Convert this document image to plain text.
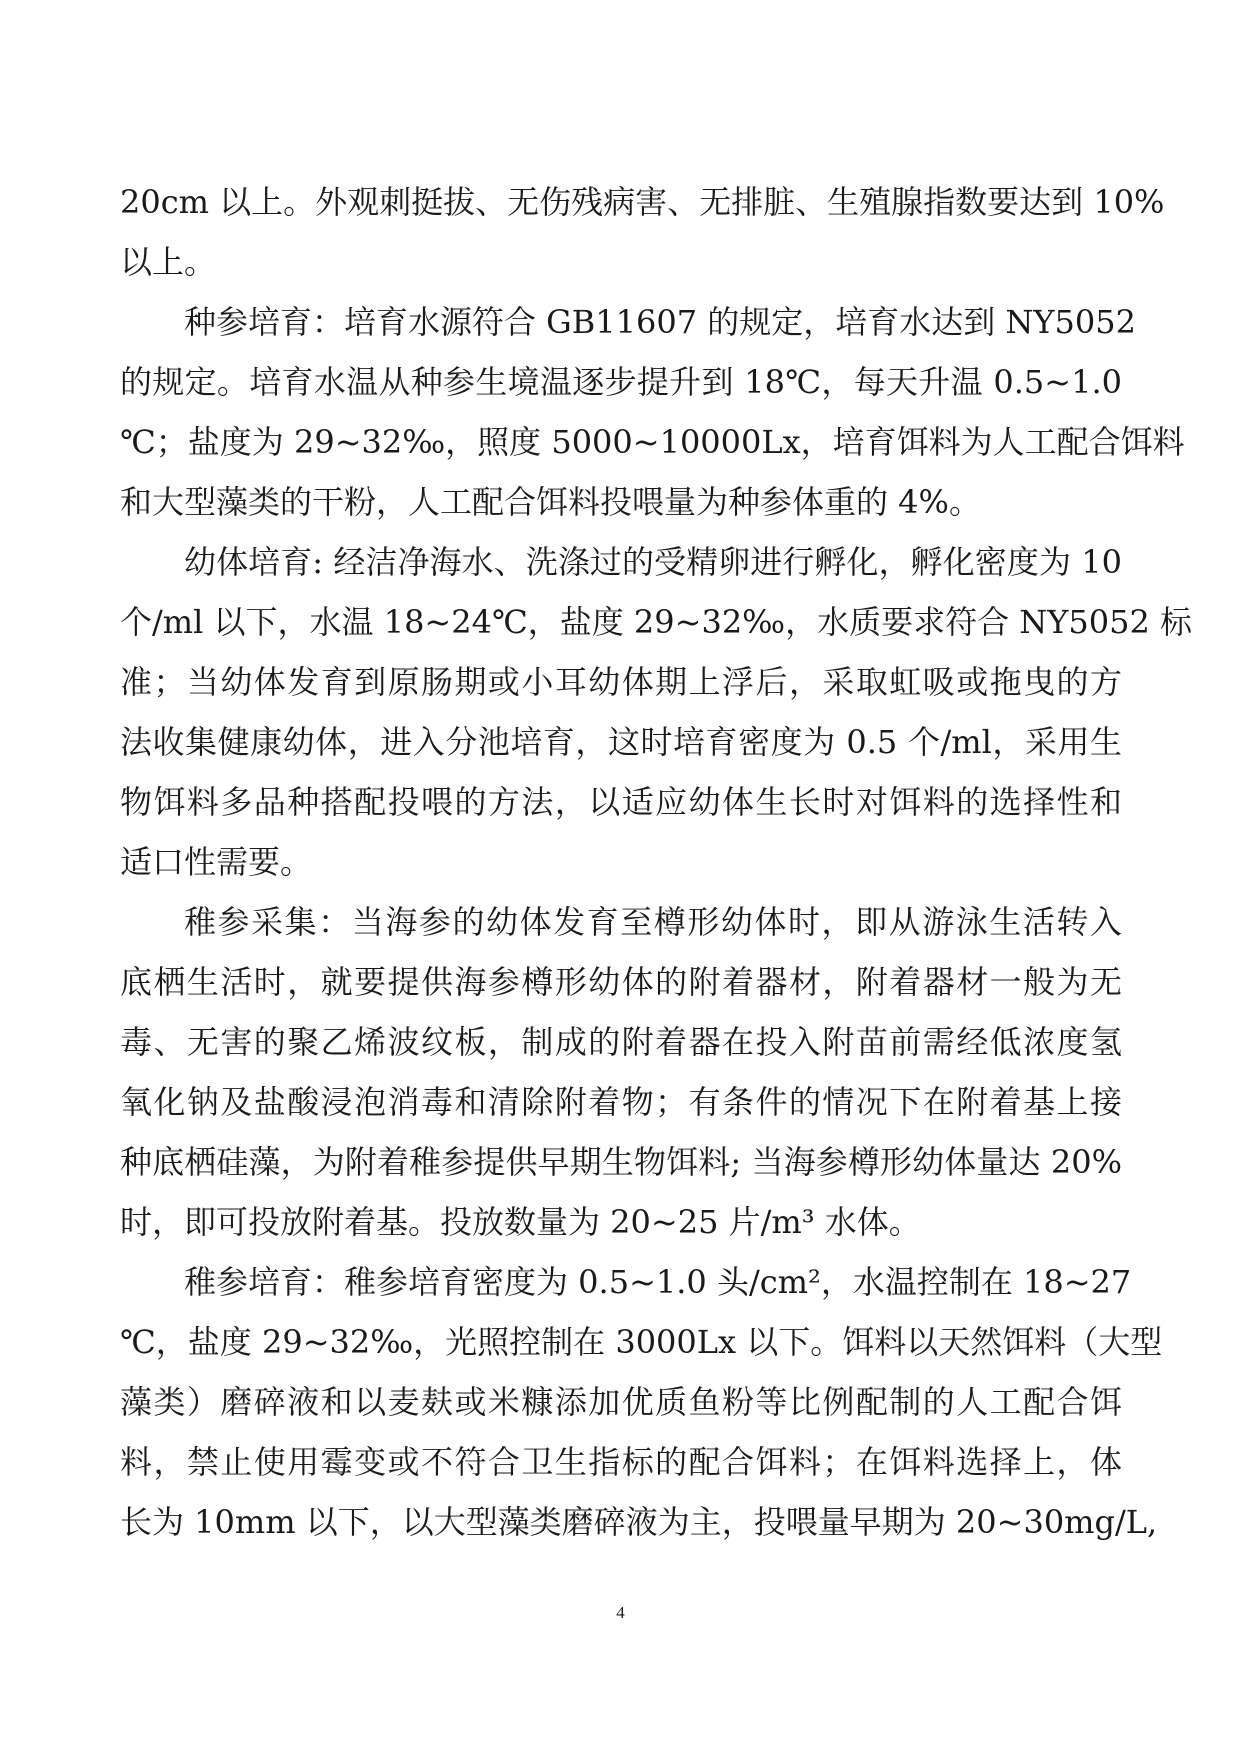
20cm 以上。外观刺挺拔、无伤残病害、无排脏、生殖腺指数要达到 10%
以上。
种参培育：培育水源符合 GB11607 的规定，培育水达到 NY5052
的规定。培育水温从种参生境温逐步提升到 18℃，每天升温 0.5~1.0
℃；盐度为 29~32‰，照度 5000~10000Lx，培育饵料为人工配合饵料
和大型藻类的干粉，人工配合饵料投喂量为种参体重的 4%。
幼体培育: 经洁净海水、洗涤过的受精卵进行孵化，孵化密度为 10
个/ml 以下，水温 18~24℃，盐度 29~32‰，水质要求符合 NY5052 标
准；当幼体发育到原肠期或小耳幼体期上浮后，采取虹吸或拖曳的方
法收集健康幼体，进入分池培育，这时培育密度为 0.5 个/ml，采用生
物饵料多品种搭配投喂的方法，以适应幼体生长时对饵料的选择性和
适口性需要。
稚参采集：当海参的幼体发育至樽形幼体时，即从游泳生活转入
底栖生活时，就要提供海参樽形幼体的附着器材，附着器材一般为无
毒、无害的聚乙烯波纹板，制成的附着器在投入附苗前需经低浓度氢
氧化钠及盐酸浸泡消毒和清除附着物；有条件的情况下在附着基上接
种底栖硅藻，为附着稚参提供早期生物饵料; 当海参樽形幼体量达 20%
时，即可投放附着基。投放数量为 20~25 片/m³ 水体。
稚参培育：稚参培育密度为 0.5~1.0 头/cm²，水温控制在 18~27
℃，盐度 29~32‰，光照控制在 3000Lx 以下。饵料以天然饵料（大型
藻类）磨碎液和以麦麸或米糠添加优质鱼粉等比例配制的人工配合饵
料，禁止使用霉变或不符合卫生指标的配合饵料；在饵料选择上，体
长为 10mm 以下，以大型藻类磨碎液为主，投喂量早期为 20~30mg/L,
4
